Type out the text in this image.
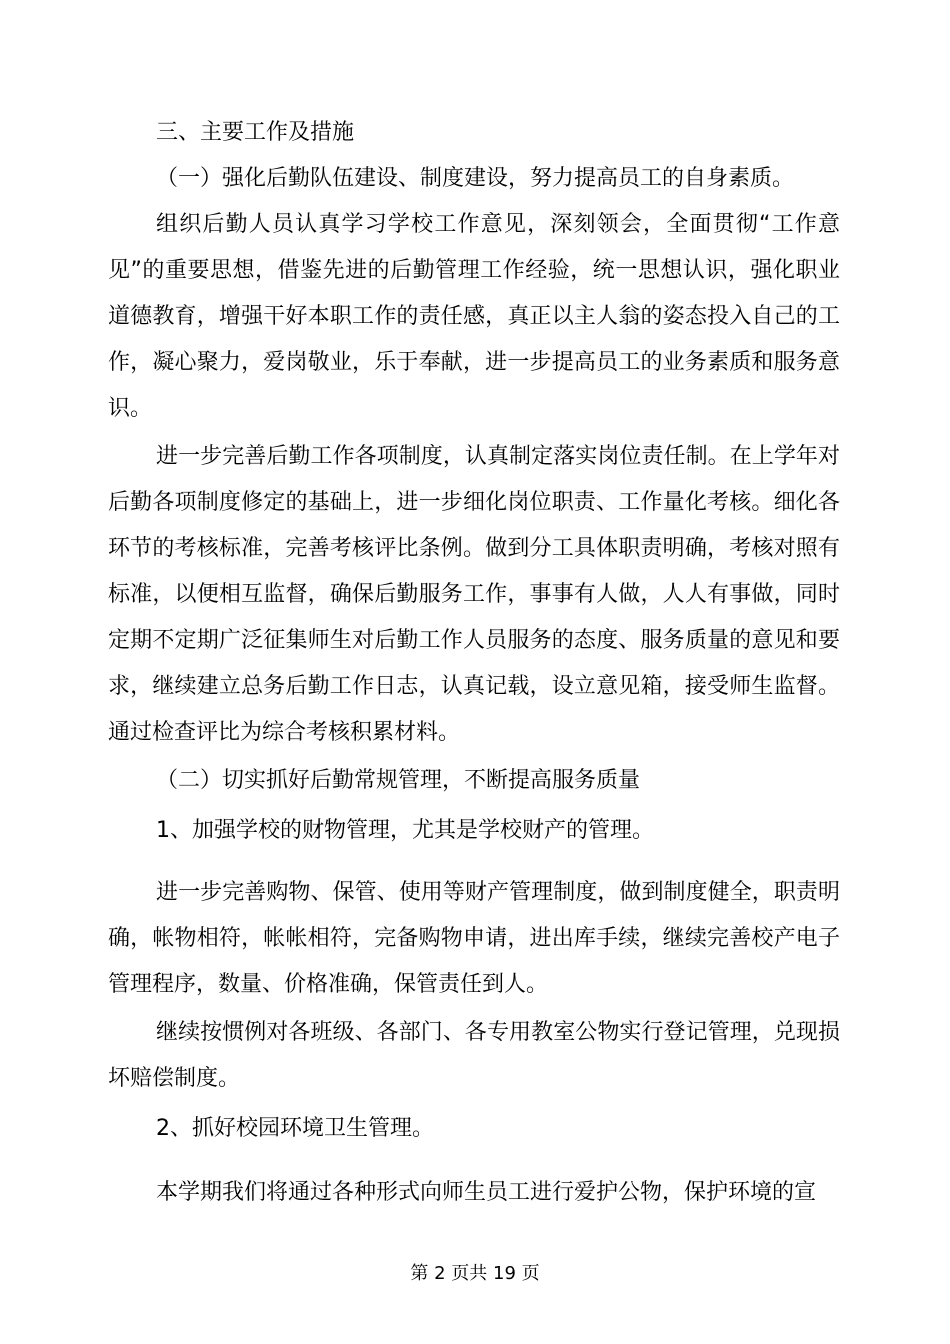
三、主要工作及措施

（一）强化后勤队伍建设、制度建设，努力提高员工的自身素质。

组织后勤人员认真学习学校工作意见，深刻领会，全面贯彻“工作意见”的重要思想，借鉴先进的后勤管理工作经验，统一思想认识，强化职业道德教育，增强干好本职工作的责任感，真正以主人翁的姿态投入自己的工作，凝心聚力，爱岗敬业，乐于奉献，进一步提高员工的业务素质和服务意识。

进一步完善后勤工作各项制度，认真制定落实岗位责任制。在上学年对后勤各项制度修定的基础上，进一步细化岗位职责、工作量化考核。细化各环节的考核标准，完善考核评比条例。做到分工具体职责明确，考核对照有标准，以便相互监督，确保后勤服务工作，事事有人做，人人有事做，同时定期不定期广泛征集师生对后勤工作人员服务的态度、服务质量的意见和要求，继续建立总务后勤工作日志，认真记载，设立意见箱，接受师生监督。通过检查评比为综合考核积累材料。

（二）切实抓好后勤常规管理，不断提高服务质量

1、加强学校的财物管理，尤其是学校财产的管理。

进一步完善购物、保管、使用等财产管理制度，做到制度健全，职责明确，帐物相符，帐帐相符，完备购物申请，进出库手续，继续完善校产电子管理程序，数量、价格准确，保管责任到人。

继续按惯例对各班级、各部门、各专用教室公物实行登记管理，兑现损坏赔偿制度。

2、抓好校园环境卫生管理。

本学期我们将通过各种形式向师生员工进行爱护公物，保护环境的宣

第 2 页共 19 页
